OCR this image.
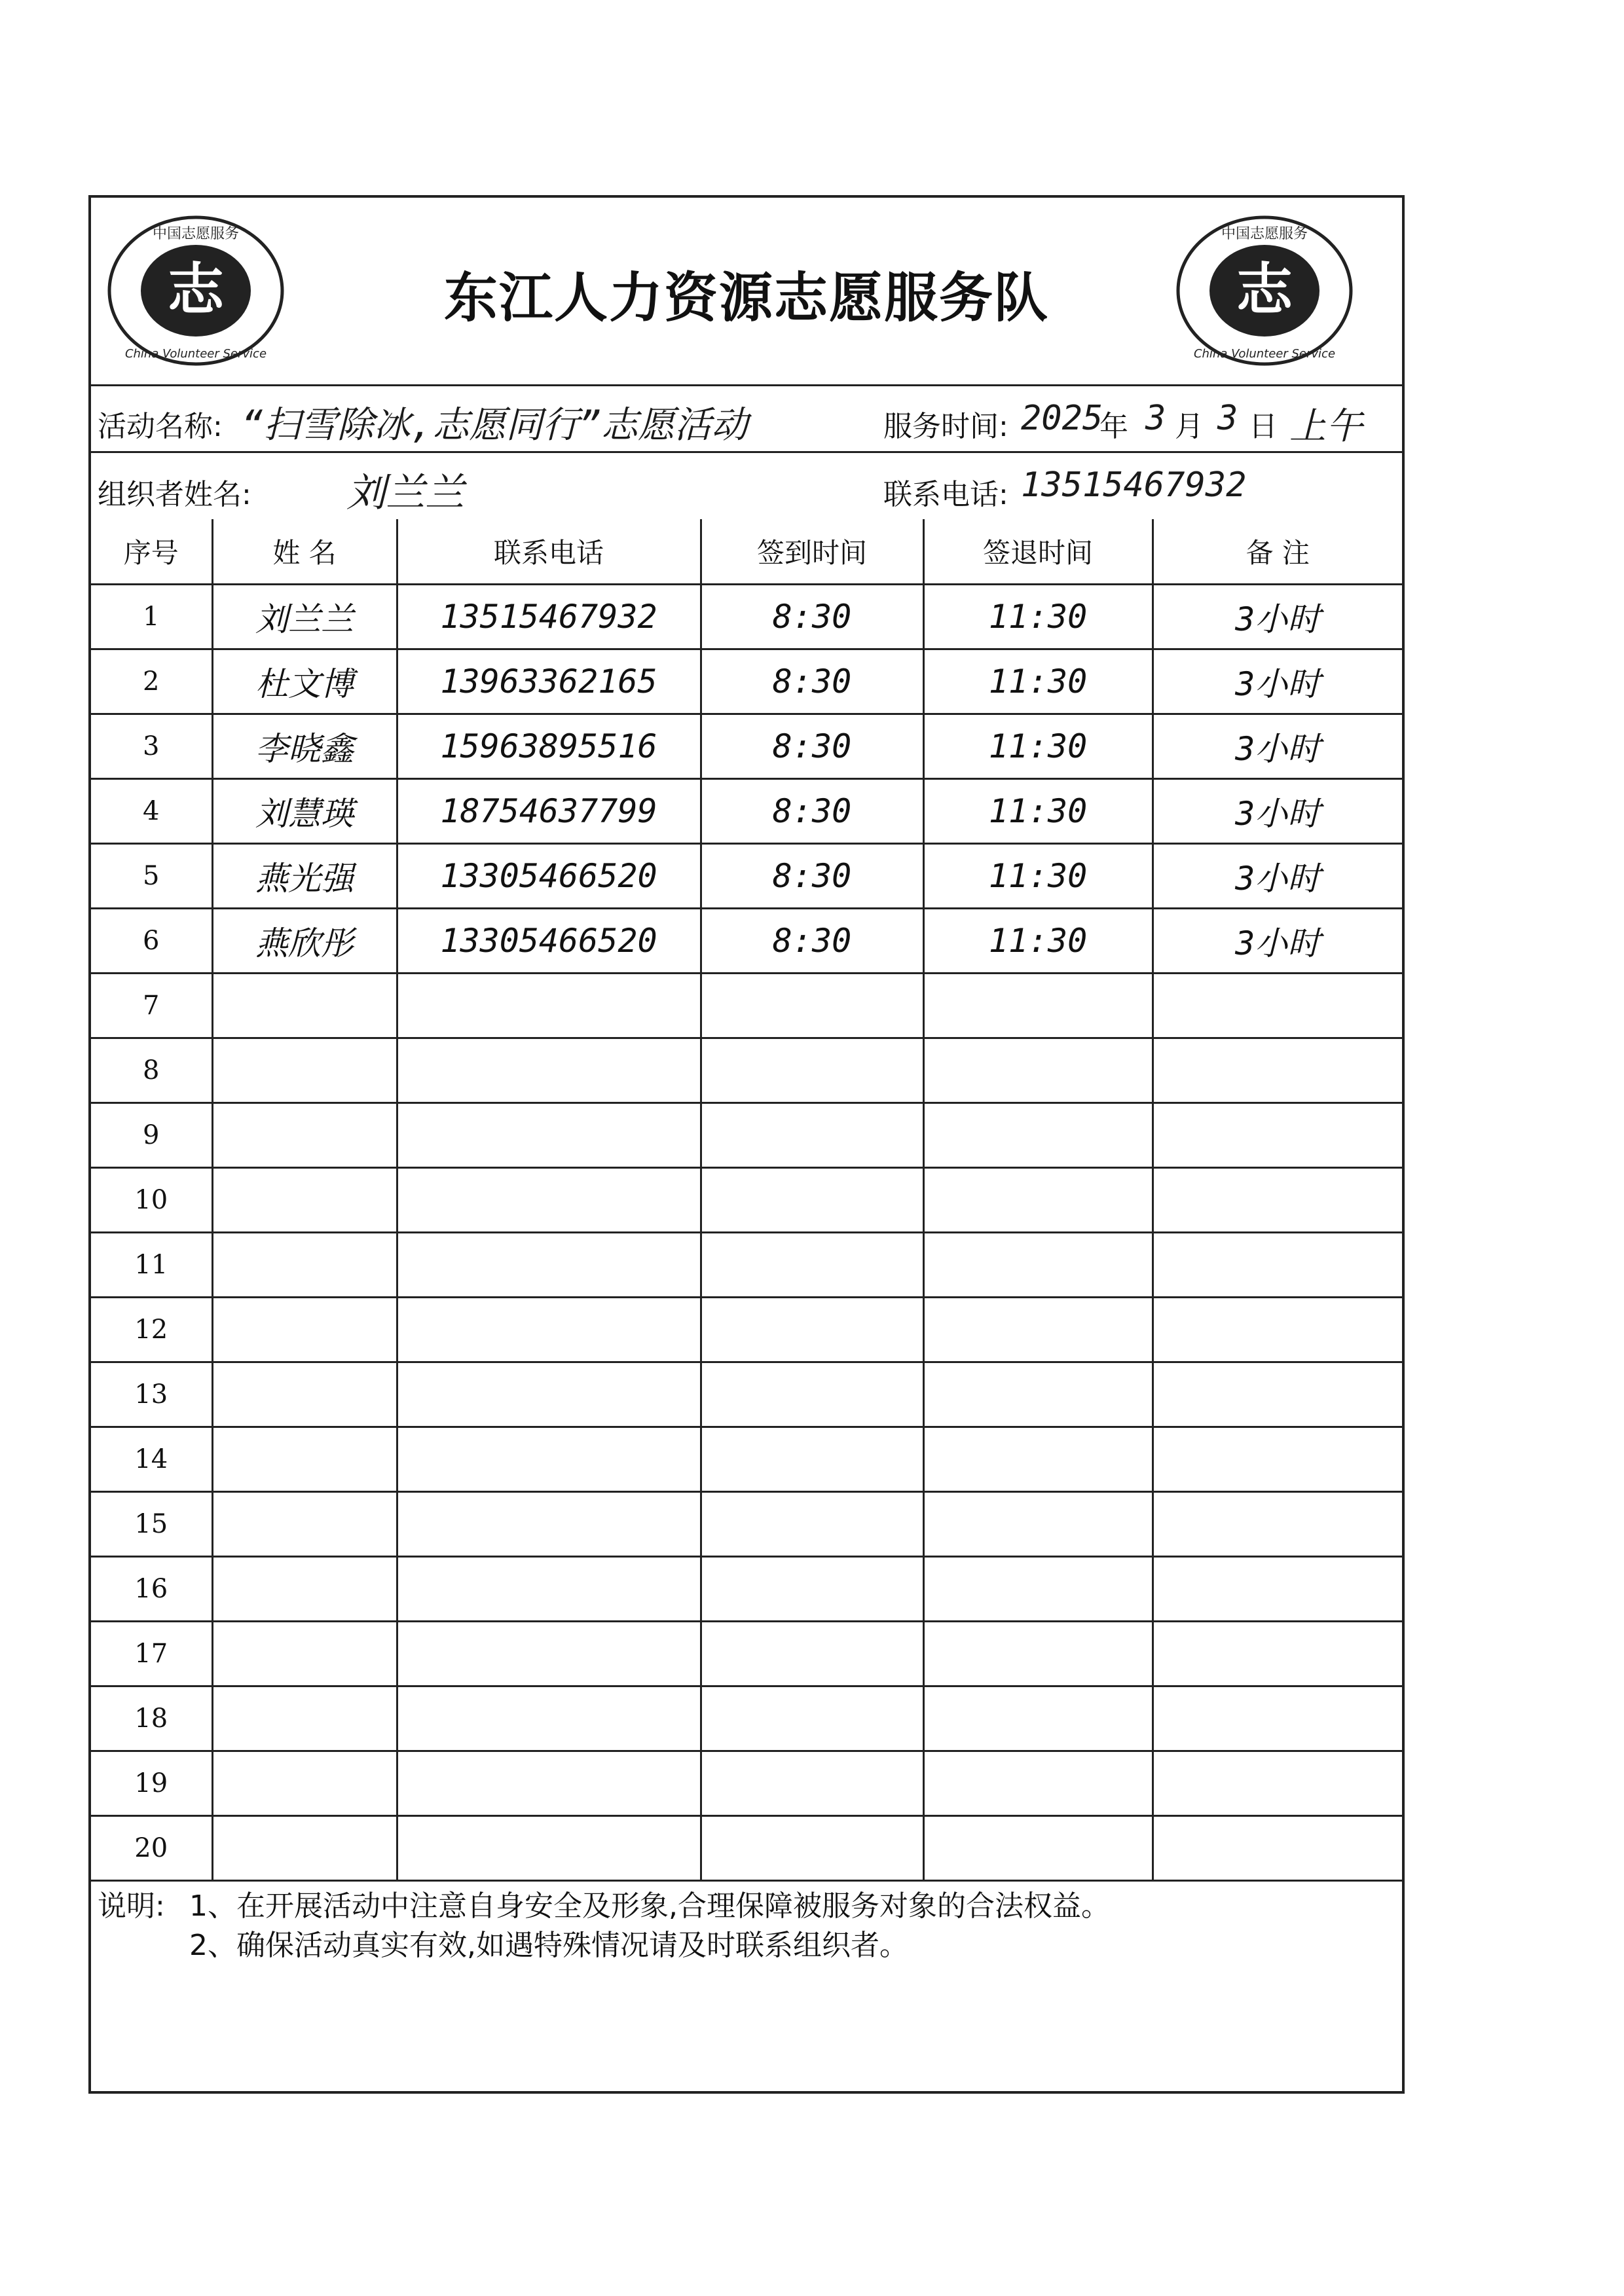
志
中国志愿服务
China Volunteer Service
东江人力资源志愿服务队	志
中国志愿服务
China Volunteer Service
活动名称: “扫雪除冰,志愿同行”志愿活动	服务时间: 2025
年 3 月 3 日 上午
组织者姓名: 刘兰兰	联系电话: 13515467932
序号	姓 名	联系电话	签到时间	签退时间	备 注
1	刘兰兰	13515467932	8:30	11:30	3小时
2	杜文博	13963362165	8:30	11:30	3小时
3	李晓鑫	15963895516	8:30	11:30	3小时
4	刘慧瑛	18754637799	8:30	11:30	3小时
5	燕光强	13305466520	8:30	11:30	3小时
6	燕欣彤	13305466520	8:30	11:30	3小时
7					
8					
9					
10					
11					
12					
13					
14					
15					
16					
17					
18					
19					
20					
说明: 1、在开展活动中注意自身安全及形象,合理保障被服务对象的合法权益。
2、确保活动真实有效,如遇特殊情况请及时联系组织者。
